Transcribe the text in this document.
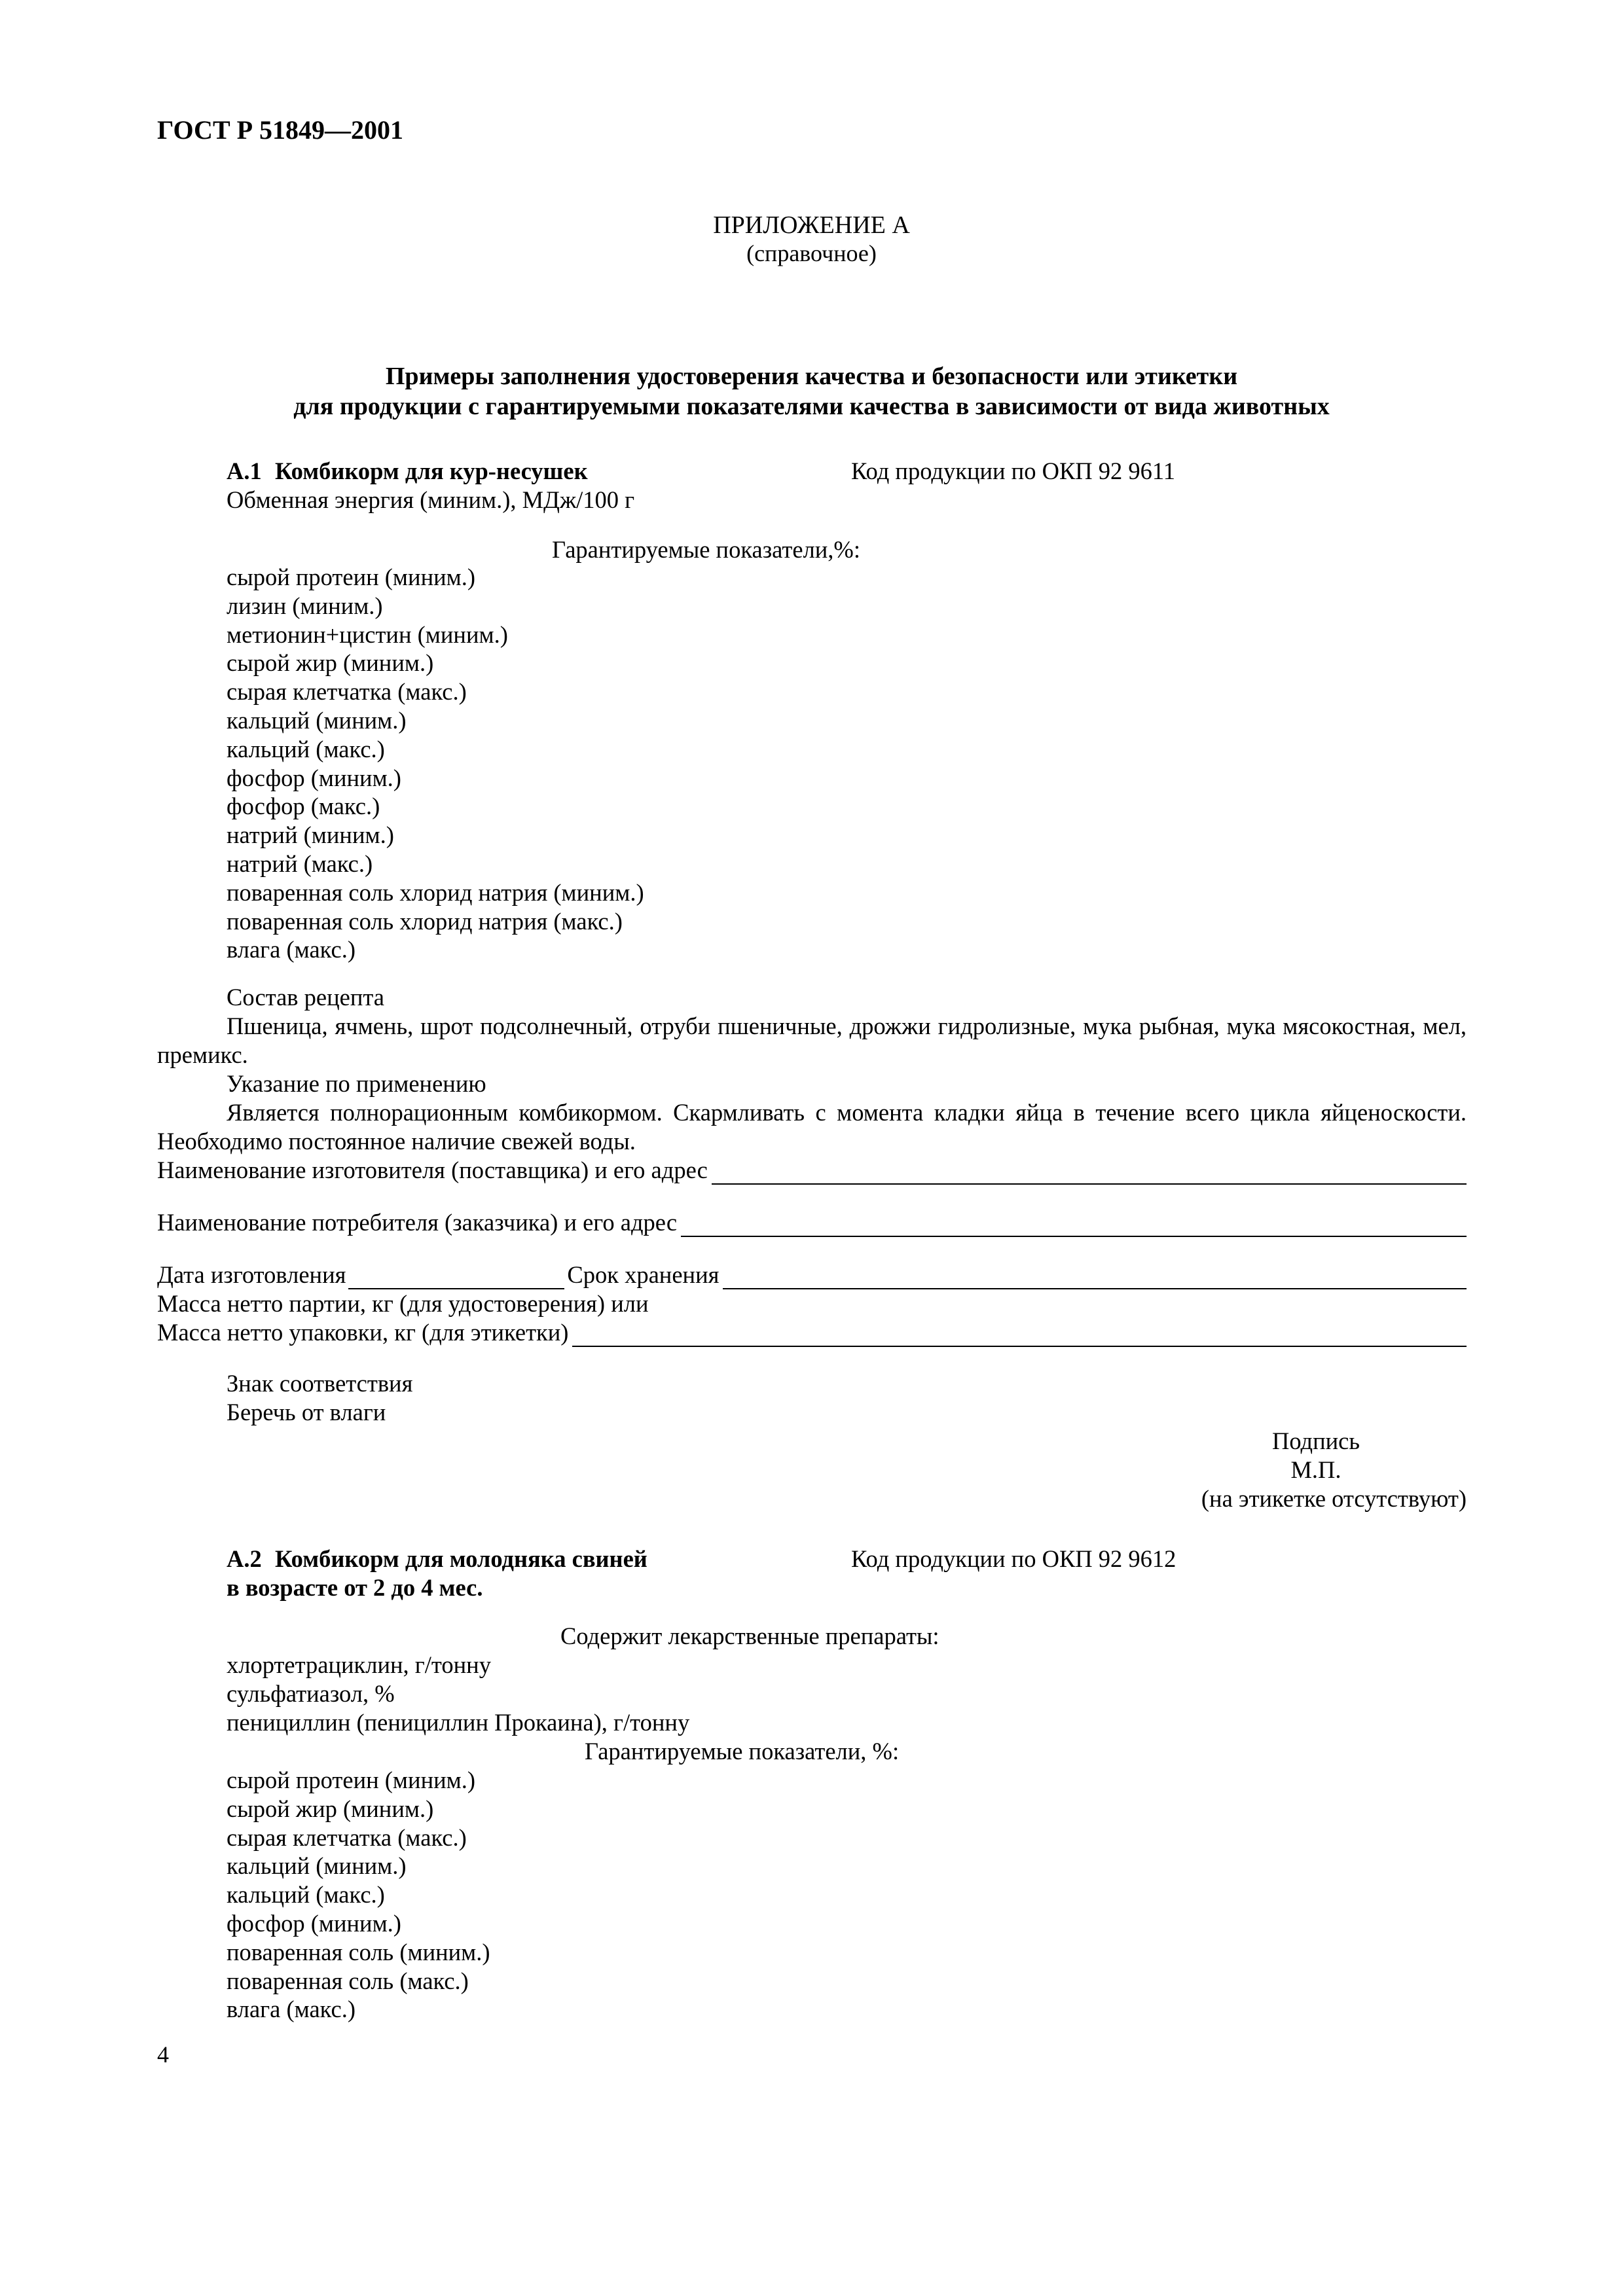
ГОСТ Р 51849—2001
ПРИЛОЖЕНИЕ А
(справочное)
Примеры заполнения удостоверения качества и безопасности или этикетки
для продукции с гарантируемыми показателями качества в зависимости от вида животных
А.1 Комбикорм для кур-несушек	Код продукции по ОКП 92 9611
Обменная энергия (миним.), МДж/100 г
Гарантируемые показатели,%:
сырой протеин (миним.)
лизин (миним.)
метионин+цистин (миним.)
сырой жир (миним.)
сырая клетчатка (макс.)
кальций (миним.)
кальций (макс.)
фосфор (миним.)
фосфор (макс.)
натрий (миним.)
натрий (макс.)
поваренная соль хлорид натрия (миним.)
поваренная соль хлорид натрия (макс.)
влага (макс.)
Состав рецепта

Пшеница, ячмень, шрот подсолнечный, отруби пшеничные, дрожжи гидролизные, мука рыбная, мука мясокостная, мел, премикс.

Указание по применению

Является полнорационным комбикормом. Скармливать с момента кладки яйца в течение всего цикла яйценоскости. Необходимо постоянное наличие свежей воды.

Наименование изготовителя (поставщика) и его адрес
Наименование потребителя (заказчика) и его адрес
Дата изготовления	Срок хранения
Масса нетто партии, кг (для удостоверения) или
Масса нетто упаковки, кг (для этикетки)
Знак соответствия
Беречь от влаги
Подпись
М.П.
(на этикетке отсутствуют)
А.2 Комбикорм для молодняка свиней
в возрасте от 2 до 4 мес.
Код продукции по ОКП 92 9612
Содержит лекарственные препараты:
хлортетрациклин, г/тонну
сульфатиазол, %
пенициллин (пенициллин Прокаина), г/тонну
Гарантируемые показатели, %:
сырой протеин (миним.)
сырой жир (миним.)
сырая клетчатка (макс.)
кальций (миним.)
кальций (макс.)
фосфор (миним.)
поваренная соль (миним.)
поваренная соль (макс.)
влага (макс.)
4
